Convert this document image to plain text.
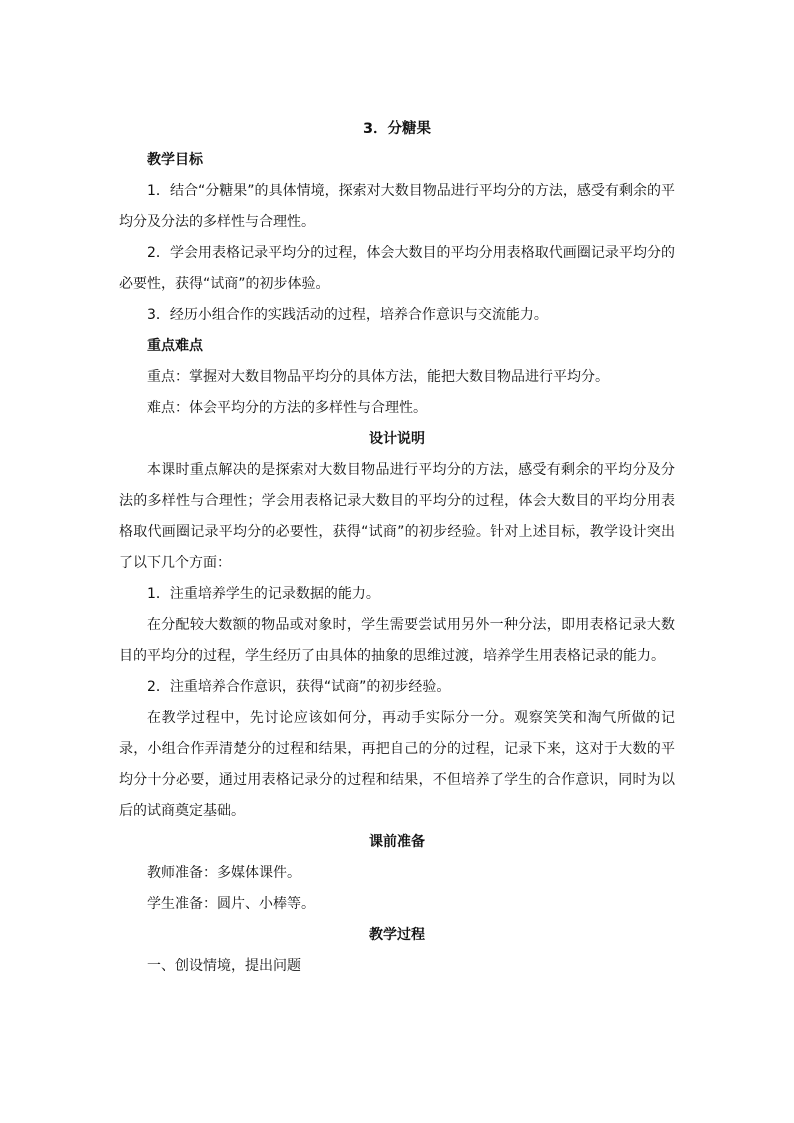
3．分糖果

教学目标

1．结合“分糖果”的具体情境，探索对大数目物品进行平均分的方法，感受有剩余的平均分及分法的多样性与合理性。

2．学会用表格记录平均分的过程，体会大数目的平均分用表格取代画圈记录平均分的必要性，获得“试商”的初步体验。

3．经历小组合作的实践活动的过程，培养合作意识与交流能力。

重点难点

重点：掌握对大数目物品平均分的具体方法，能把大数目物品进行平均分。

难点：体会平均分的方法的多样性与合理性。

设计说明

本课时重点解决的是探索对大数目物品进行平均分的方法，感受有剩余的平均分及分法的多样性与合理性；学会用表格记录大数目的平均分的过程，体会大数目的平均分用表格取代画圈记录平均分的必要性，获得“试商”的初步经验。针对上述目标，教学设计突出了以下几个方面：

1．注重培养学生的记录数据的能力。

在分配较大数额的物品或对象时，学生需要尝试用另外一种分法，即用表格记录大数目的平均分的过程，学生经历了由具体的抽象的思维过渡，培养学生用表格记录的能力。

2．注重培养合作意识，获得“试商”的初步经验。

在教学过程中，先讨论应该如何分，再动手实际分一分。观察笑笑和淘气所做的记录，小组合作弄清楚分的过程和结果，再把自己的分的过程，记录下来，这对于大数的平均分十分必要，通过用表格记录分的过程和结果，不但培养了学生的合作意识，同时为以后的试商奠定基础。

课前准备

教师准备：多媒体课件。

学生准备：圆片、小棒等。

教学过程

一、创设情境，提出问题
